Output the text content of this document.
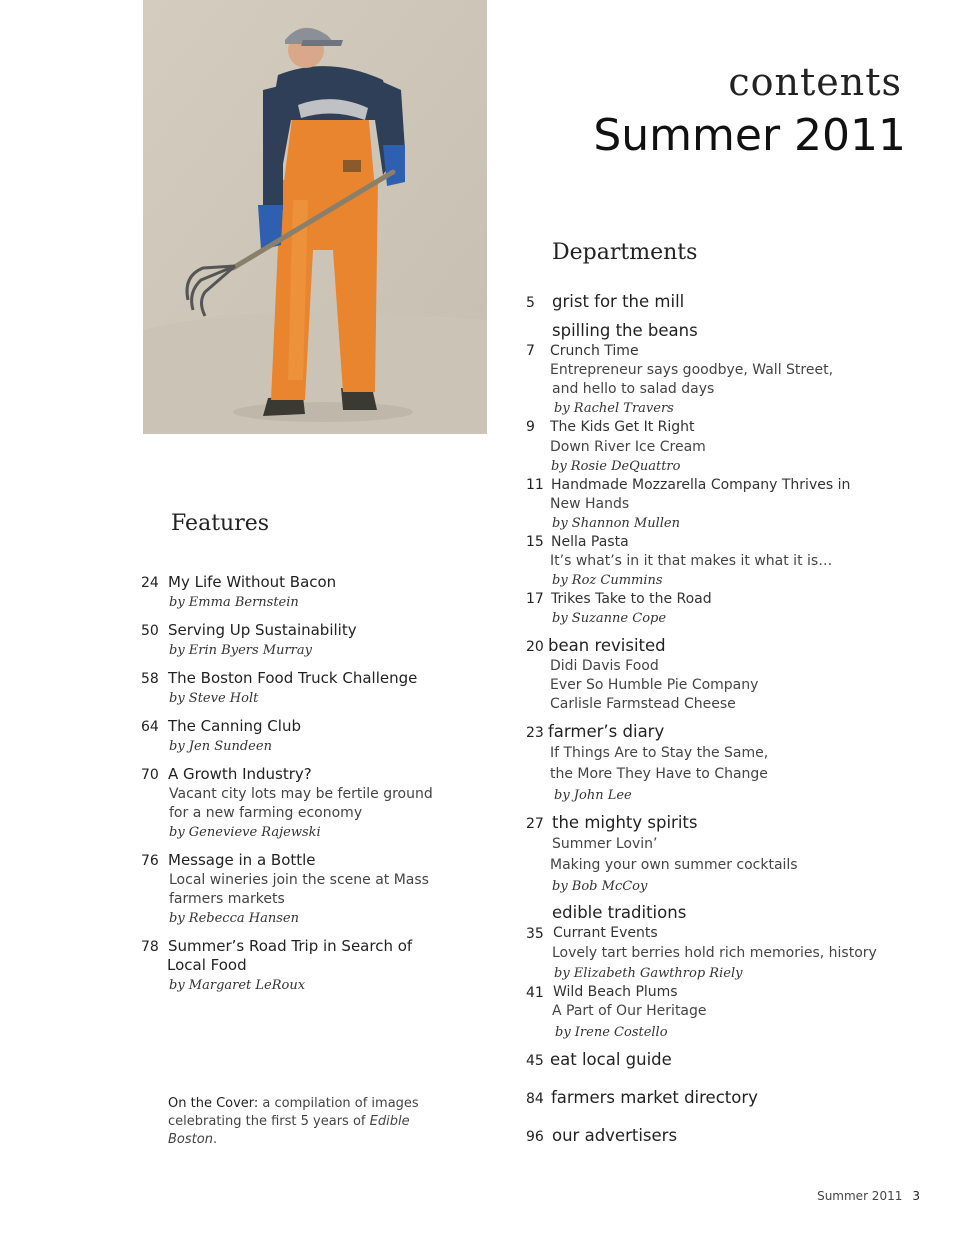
contents
Summer 2011
Features
24 My Life Without Bacon
by Emma Bernstein
50 Serving Up Sustainability
by Erin Byers Murray
58 The Boston Food Truck Challenge
by Steve Holt
64 The Canning Club
by Jen Sundeen
70 A Growth Industry?
Vacant city lots may be fertile ground
for a new farming economy
by Genevieve Rajewski
76 Message in a Bottle
Local wineries join the scene at Mass
farmers markets
by Rebecca Hansen
78 Summer’s Road Trip in Search of
Local Food
by Margaret LeRoux
On the Cover: a compilation of images celebrating the first 5 years of Edible Boston.
Departments
5 grist for the mill
spilling the beans
7 Crunch Time
Entrepreneur says goodbye, Wall Street,
and hello to salad days
by Rachel Travers
9 The Kids Get It Right
Down River Ice Cream
by Rosie DeQuattro
11 Handmade Mozzarella Company Thrives in
New Hands
by Shannon Mullen
15 Nella Pasta
It’s what’s in it that makes it what it is…
by Roz Cummins
17 Trikes Take to the Road
by Suzanne Cope
20 bean revisited
Didi Davis Food
Ever So Humble Pie Company
Carlisle Farmstead Cheese
23 farmer’s diary
If Things Are to Stay the Same,
the More They Have to Change
by John Lee
27 the mighty spirits
Summer Lovin’
Making your own summer cocktails
by Bob McCoy
edible traditions
35 Currant Events
Lovely tart berries hold rich memories, history
by Elizabeth Gawthrop Riely
41 Wild Beach Plums
A Part of Our Heritage
by Irene Costello
45 eat local guide
84 farmers market directory
96 our advertisers
Summer 2011 3
